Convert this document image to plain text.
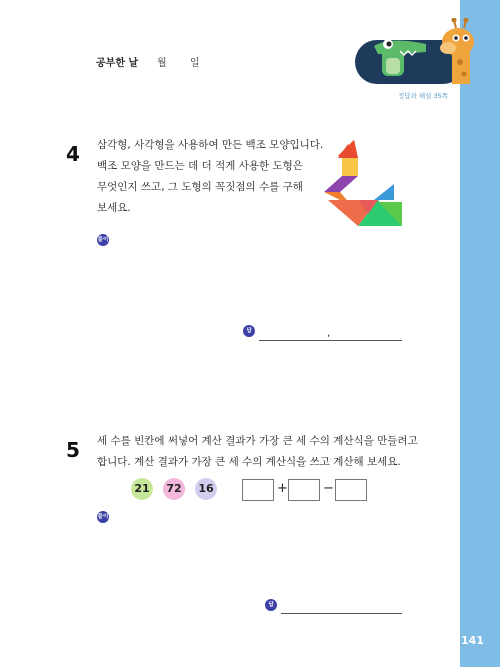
공부한 날 월 일
정답과 해설 35쪽
4 삼각형, 사각형을 사용하여 만든 백조 모양입니다.
백조 모양을 만드는 데 더 적게 사용한 도형은
무엇인지 쓰고, 그 도형의 꼭짓점의 수를 구해
보세요.
풀이
답	,
5 세 수를 빈칸에 써넣어 계산 결과가 가장 큰 세 수의 계산식을 만들려고
합니다. 계산 결과가 가장 큰 세 수의 계산식을 쓰고 계산해 보세요.
21	72	16	+	−
풀이
답
141
